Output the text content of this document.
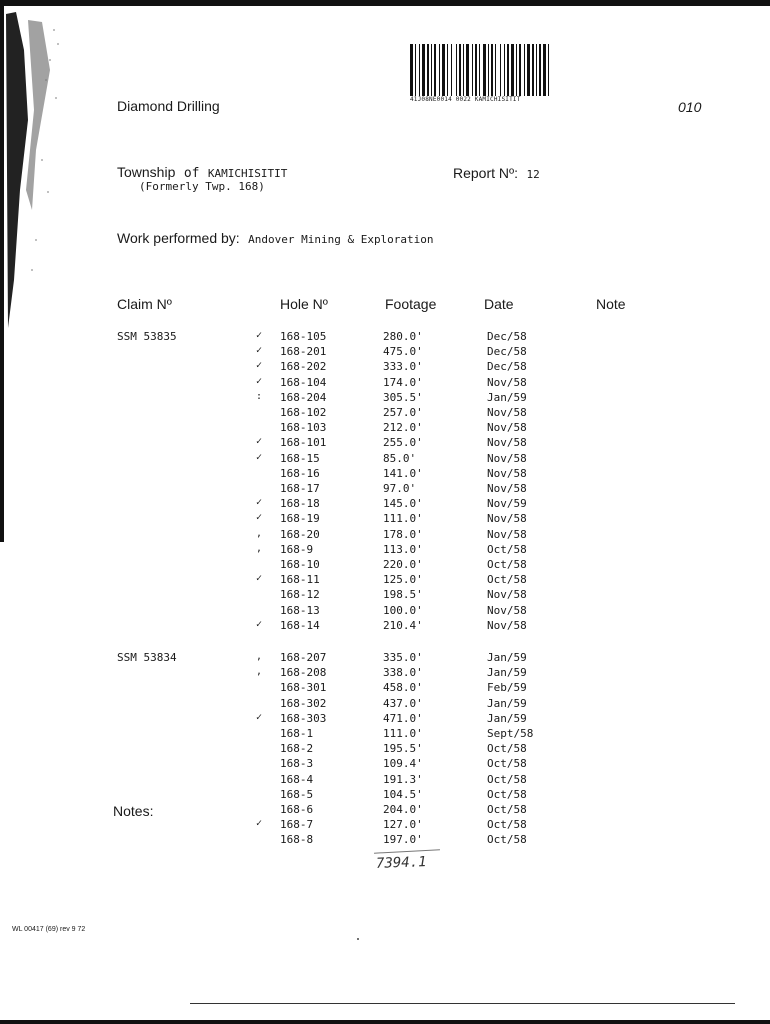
41J08NE0014 0022 KAMICHISITIT
Diamond Drilling	010
Township of KAMICHISITIT
(Formerly Twp. 168)
Report Nº: 12
Work performed by: Andover Mining & Exploration
Claim Nº	Hole Nº	Footage	Date	Note
SSM 53835	✓ 168-105	280.0'	Dec/58
✓ 168-201	475.0'	Dec/58
✓ 168-202	333.0'	Dec/58
✓ 168-104	174.0'	Nov/58
: 168-204	305.5'	Jan/59
168-102	257.0'	Nov/58
168-103	212.0'	Nov/58
✓ 168-101	255.0'	Nov/58
✓ 168-15	85.0'	Nov/58
168-16	141.0'	Nov/58
168-17	97.0'	Nov/58
✓ 168-18	145.0'	Nov/59
✓ 168-19	111.0'	Nov/58
, 168-20	178.0'	Nov/58
, 168-9	113.0'	Oct/58
168-10	220.0'	Oct/58
✓ 168-11	125.0'	Oct/58
168-12	198.5'	Nov/58
168-13	100.0'	Nov/58
✓ 168-14	210.4'	Nov/58
SSM 53834	, 168-207	335.0'	Jan/59
, 168-208	338.0'	Jan/59
168-301	458.0'	Feb/59
168-302	437.0'	Jan/59
✓ 168-303	471.0'	Jan/59
168-1	111.0'	Sept/58
168-2	195.5'	Oct/58
168-3	109.4'	Oct/58
168-4	191.3'	Oct/58
168-5	104.5'	Oct/58
168-6	204.0'	Oct/58
✓ 168-7	127.0'	Oct/58
168-8	197.0'	Oct/58
Notes:
7394.1
WL 00417 (69) rev 9 72
